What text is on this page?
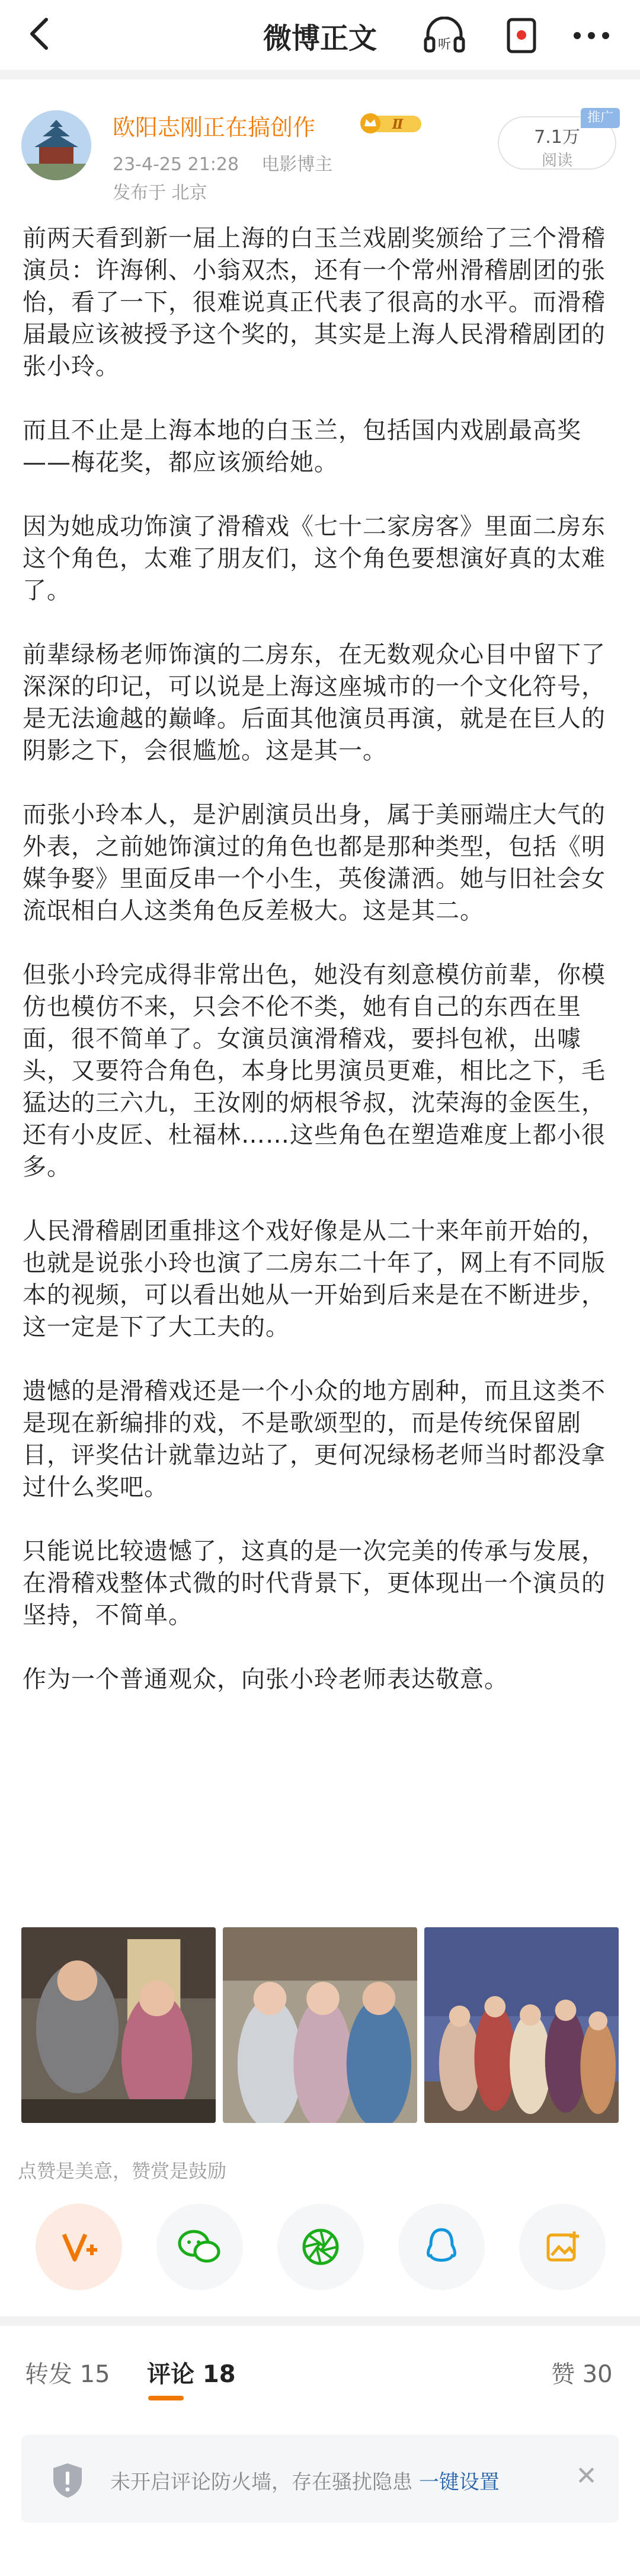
微博正文	听
欧阳志刚正在搞创作	Ⅱ
23-4-25 21:28 电影博主
发布于 北京
7.1万
阅读
推广

前两天看到新一届上海的白玉兰戏剧奖颁给了三个滑稽演员：许海俐、小翁双杰，还有一个常州滑稽剧团的张怡，看了一下，很难说真正代表了很高的水平。而滑稽届最应该被授予这个奖的，其实是上海人民滑稽剧团的张小玲。

而且不止是上海本地的白玉兰，包括国内戏剧最高奖——梅花奖，都应该颁给她。

因为她成功饰演了滑稽戏《七十二家房客》里面二房东这个角色，太难了朋友们，这个角色要想演好真的太难了。

前辈绿杨老师饰演的二房东，在无数观众心目中留下了深深的印记，可以说是上海这座城市的一个文化符号，是无法逾越的巅峰。后面其他演员再演，就是在巨人的阴影之下，会很尴尬。这是其一。

而张小玲本人，是沪剧演员出身，属于美丽端庄大气的外表，之前她饰演过的角色也都是那种类型，包括《明媒争娶》里面反串一个小生，英俊潇洒。她与旧社会女流氓相白人这类角色反差极大。这是其二。

但张小玲完成得非常出色，她没有刻意模仿前辈，你模仿也模仿不来，只会不伦不类，她有自己的东西在里面，很不简单了。女演员演滑稽戏，要抖包袱，出噱头，又要符合角色，本身比男演员更难，相比之下，毛猛达的三六九，王汝刚的炳根爷叔，沈荣海的金医生，还有小皮匠、杜福林……这些角色在塑造难度上都小很多。

人民滑稽剧团重排这个戏好像是从二十来年前开始的，也就是说张小玲也演了二房东二十年了，网上有不同版本的视频，可以看出她从一开始到后来是在不断进步，这一定是下了大工夫的。

遗憾的是滑稽戏还是一个小众的地方剧种，而且这类不是现在新编排的戏，不是歌颂型的，而是传统保留剧目，评奖估计就靠边站了，更何况绿杨老师当时都没拿过什么奖吧。

只能说比较遗憾了，这真的是一次完美的传承与发展，在滑稽戏整体式微的时代背景下，更体现出一个演员的坚持，不简单。

作为一个普通观众，向张小玲老师表达敬意。

点赞是美意，赞赏是鼓励
转发 15 评论 18	赞 30
未开启评论防火墙，存在骚扰隐患 一键设置	✕
